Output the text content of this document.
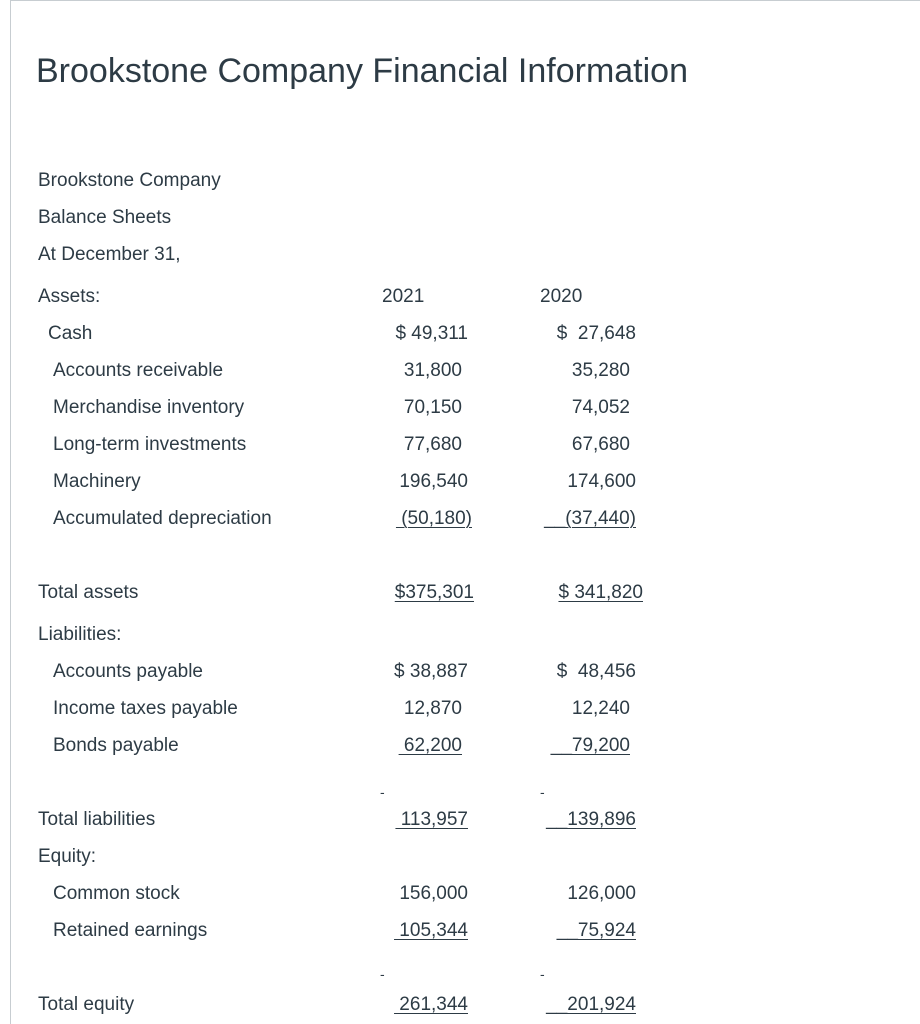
Brookstone Company Financial Information
Brookstone Company
Balance Sheets
At December 31,
Assets:	2021	2020
Cash	$ 49,311	$  27,648
Accounts receivable	31,800	35,280
Merchandise inventory	70,150	74,052
Long-term investments	77,680	67,680
Machinery	196,540	174,600
Accumulated depreciation	(50,180)	__(37,440)
Total assets	$375,301	$ 341,820
Liabilities:
Accounts payable	$ 38,887	$  48,456
Income taxes payable	12,870	12,240
Bonds payable	62,200	__79,200
-	-
Total liabilities	113,957	__139,896
Equity:
Common stock	156,000	126,000
Retained earnings	105,344	__75,924
-	-
Total equity	261,344	__201,924
